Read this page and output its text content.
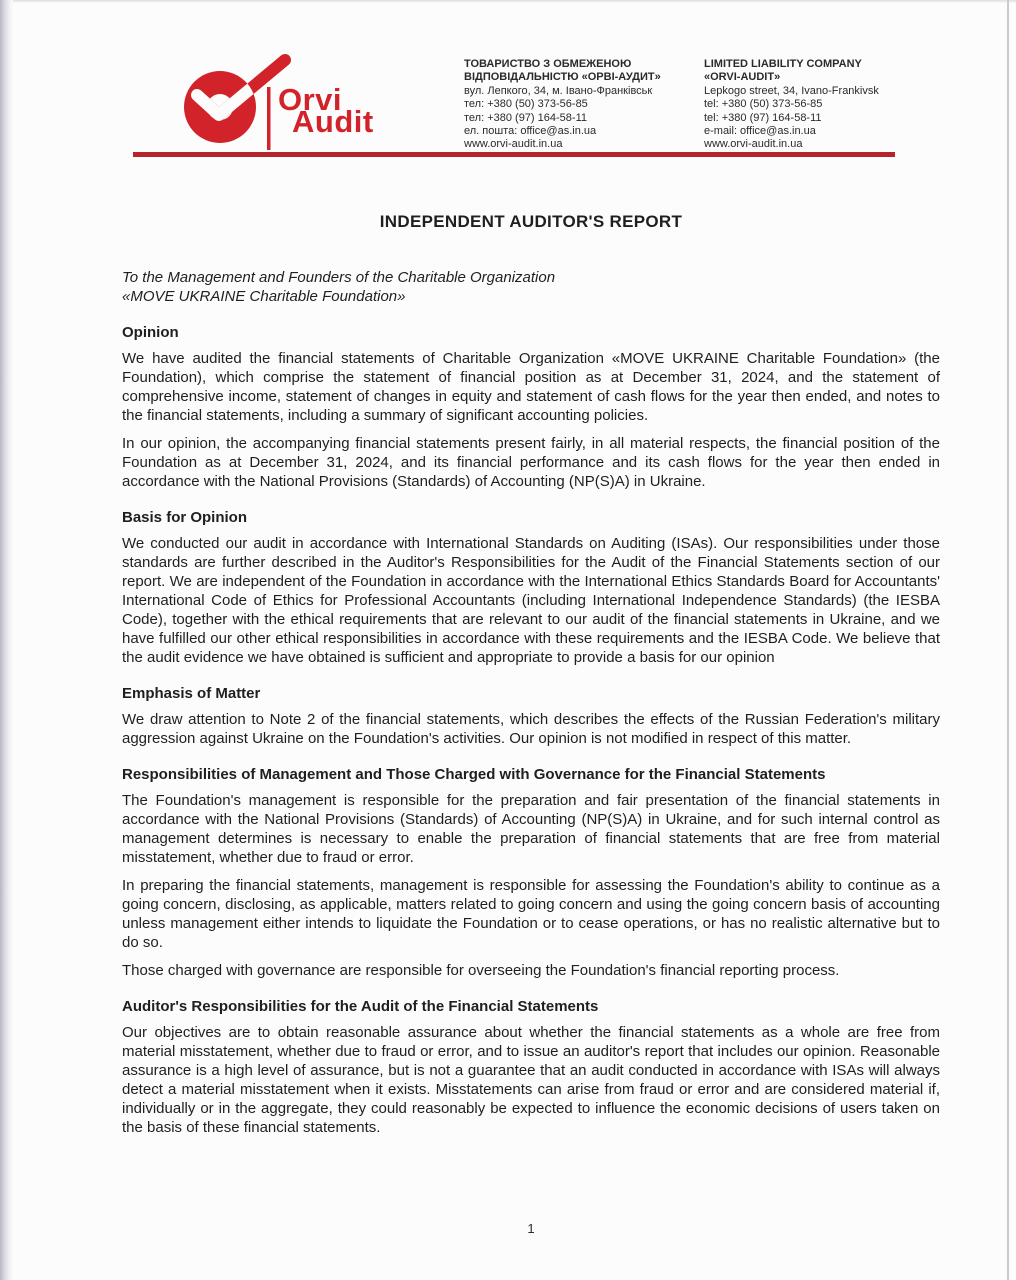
Orvi
Audit
ТОВАРИСТВО З ОБМЕЖЕНОЮ
ВІДПОВІДАЛЬНІСТЮ «ОРВІ-АУДИТ»
вул. Лепкого, 34, м. Івано-Франківськ
тел: +380 (50) 373-56-85
тел: +380 (97) 164-58-11
ел. пошта: office@as.in.ua
www.orvi-audit.in.ua
LIMITED LIABILITY COMPANY
«ORVI-AUDIT»
Lepkogo street, 34, Ivano-Frankivsk
tel: +380 (50) 373-56-85
tel: +380 (97) 164-58-11
e-mail: office@as.in.ua
www.orvi-audit.in.ua
INDEPENDENT AUDITOR'S REPORT

To the Management and Founders of the Charitable Organization

«MOVE UKRAINE Charitable Foundation»

Opinion

We have audited the financial statements of Charitable Organization «MOVE UKRAINE Charitable Foundation» (the Foundation), which comprise the statement of financial position as at December 31, 2024, and the statement of comprehensive income, statement of changes in equity and statement of cash flows for the year then ended, and notes to the financial statements, including a summary of significant accounting policies.

In our opinion, the accompanying financial statements present fairly, in all material respects, the financial position of the Foundation as at December 31, 2024, and its financial performance and its cash flows for the year then ended in accordance with the National Provisions (Standards) of Accounting (NP(S)A) in Ukraine.

Basis for Opinion

We conducted our audit in accordance with International Standards on Auditing (ISAs). Our responsibilities under those standards are further described in the Auditor's Responsibilities for the Audit of the Financial Statements section of our report. We are independent of the Foundation in accordance with the International Ethics Standards Board for Accountants' International Code of Ethics for Professional Accountants (including International Independence Standards) (the IESBA Code), together with the ethical requirements that are relevant to our audit of the financial statements in Ukraine, and we have fulfilled our other ethical responsibilities in accordance with these requirements and the IESBA Code. We believe that the audit evidence we have obtained is sufficient and appropriate to provide a basis for our opinion

Emphasis of Matter

We draw attention to Note 2 of the financial statements, which describes the effects of the Russian Federation's military aggression against Ukraine on the Foundation's activities. Our opinion is not modified in respect of this matter.

Responsibilities of Management and Those Charged with Governance for the Financial Statements

The Foundation's management is responsible for the preparation and fair presentation of the financial statements in accordance with the National Provisions (Standards) of Accounting (NP(S)A) in Ukraine, and for such internal control as management determines is necessary to enable the preparation of financial statements that are free from material misstatement, whether due to fraud or error.

In preparing the financial statements, management is responsible for assessing the Foundation's ability to continue as a going concern, disclosing, as applicable, matters related to going concern and using the going concern basis of accounting unless management either intends to liquidate the Foundation or to cease operations, or has no realistic alternative but to do so.

Those charged with governance are responsible for overseeing the Foundation's financial reporting process.

Auditor's Responsibilities for the Audit of the Financial Statements

Our objectives are to obtain reasonable assurance about whether the financial statements as a whole are free from material misstatement, whether due to fraud or error, and to issue an auditor's report that includes our opinion. Reasonable assurance is a high level of assurance, but is not a guarantee that an audit conducted in accordance with ISAs will always detect a material misstatement when it exists. Misstatements can arise from fraud or error and are considered material if, individually or in the aggregate, they could reasonably be expected to influence the economic decisions of users taken on the basis of these financial statements.

1
